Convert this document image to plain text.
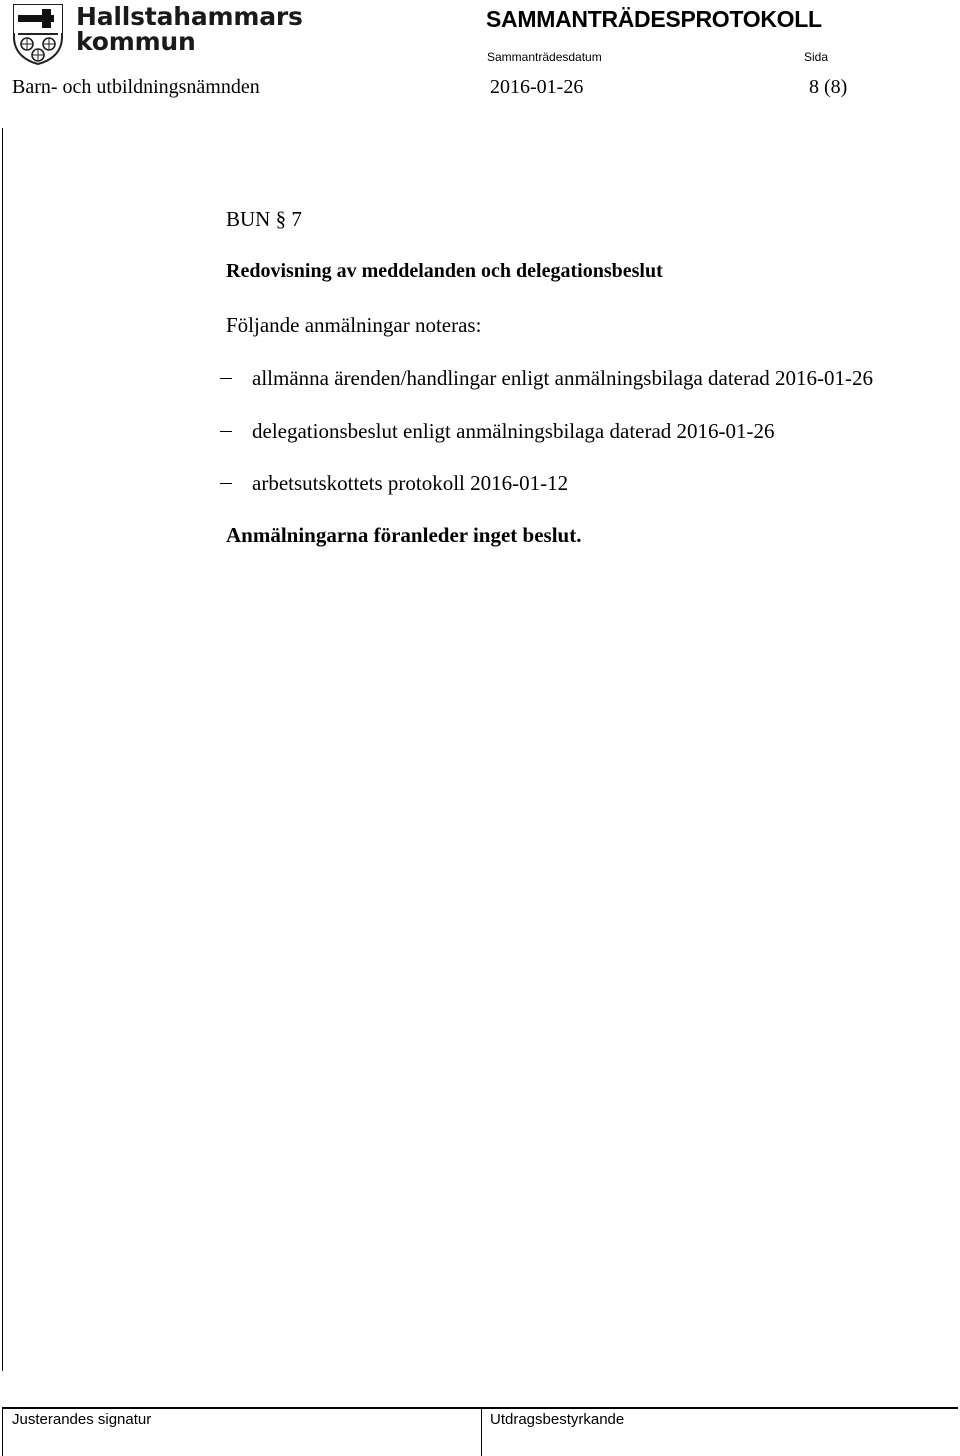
Hallstahammars
kommun
SAMMANTRÄDESPROTOKOLL
Sammanträdesdatum	Sida
Barn- och utbildningsnämnden	2016-01-26	8 (8)
BUN § 7
Redovisning av meddelanden och delegationsbeslut
Följande anmälningar noteras:
allmänna ärenden/handlingar enligt anmälningsbilaga daterad 2016-01-26
delegationsbeslut enligt anmälningsbilaga daterad 2016-01-26
arbetsutskottets protokoll 2016-01-12
Anmälningarna föranleder inget beslut.
Justerandes signatur	Utdragsbestyrkande
